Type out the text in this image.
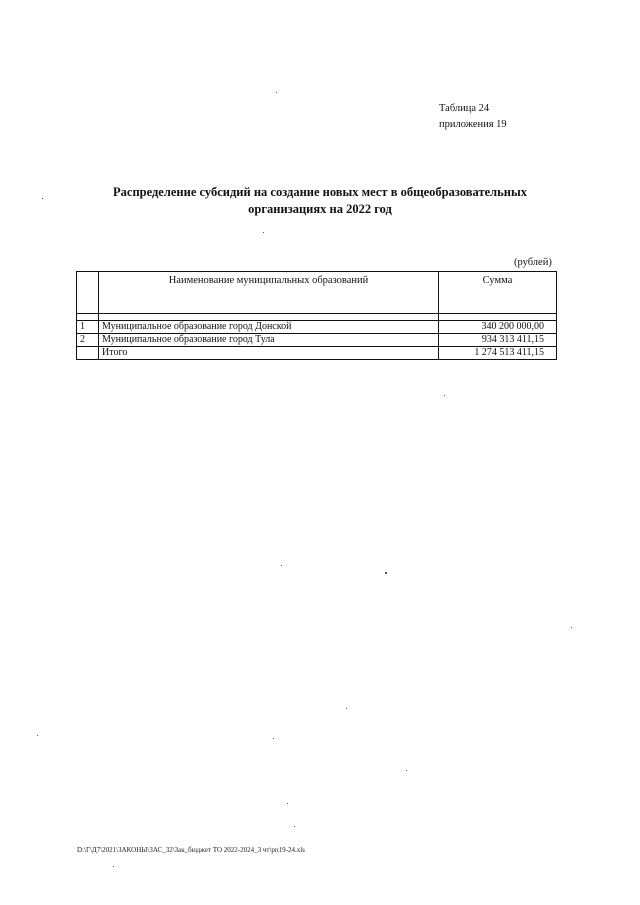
Таблица 24
приложения 19
Распределение субсидий на создание новых мест в общеобразовательных
организациях на 2022 год
(рублей)
	Наименование муниципальных образований	Сумма

1	Муниципальное образование город Донской	340 200 000,00
2	Муниципальное образование город Тула	934 313 411,15
	Итого	1 274 513 411,15
D:\Г\Д7\2021\ЗАКОНЫ\ЗАС_32\Зак_бюджет ТО 2022-2024_3 чт\рп19-24.xls
